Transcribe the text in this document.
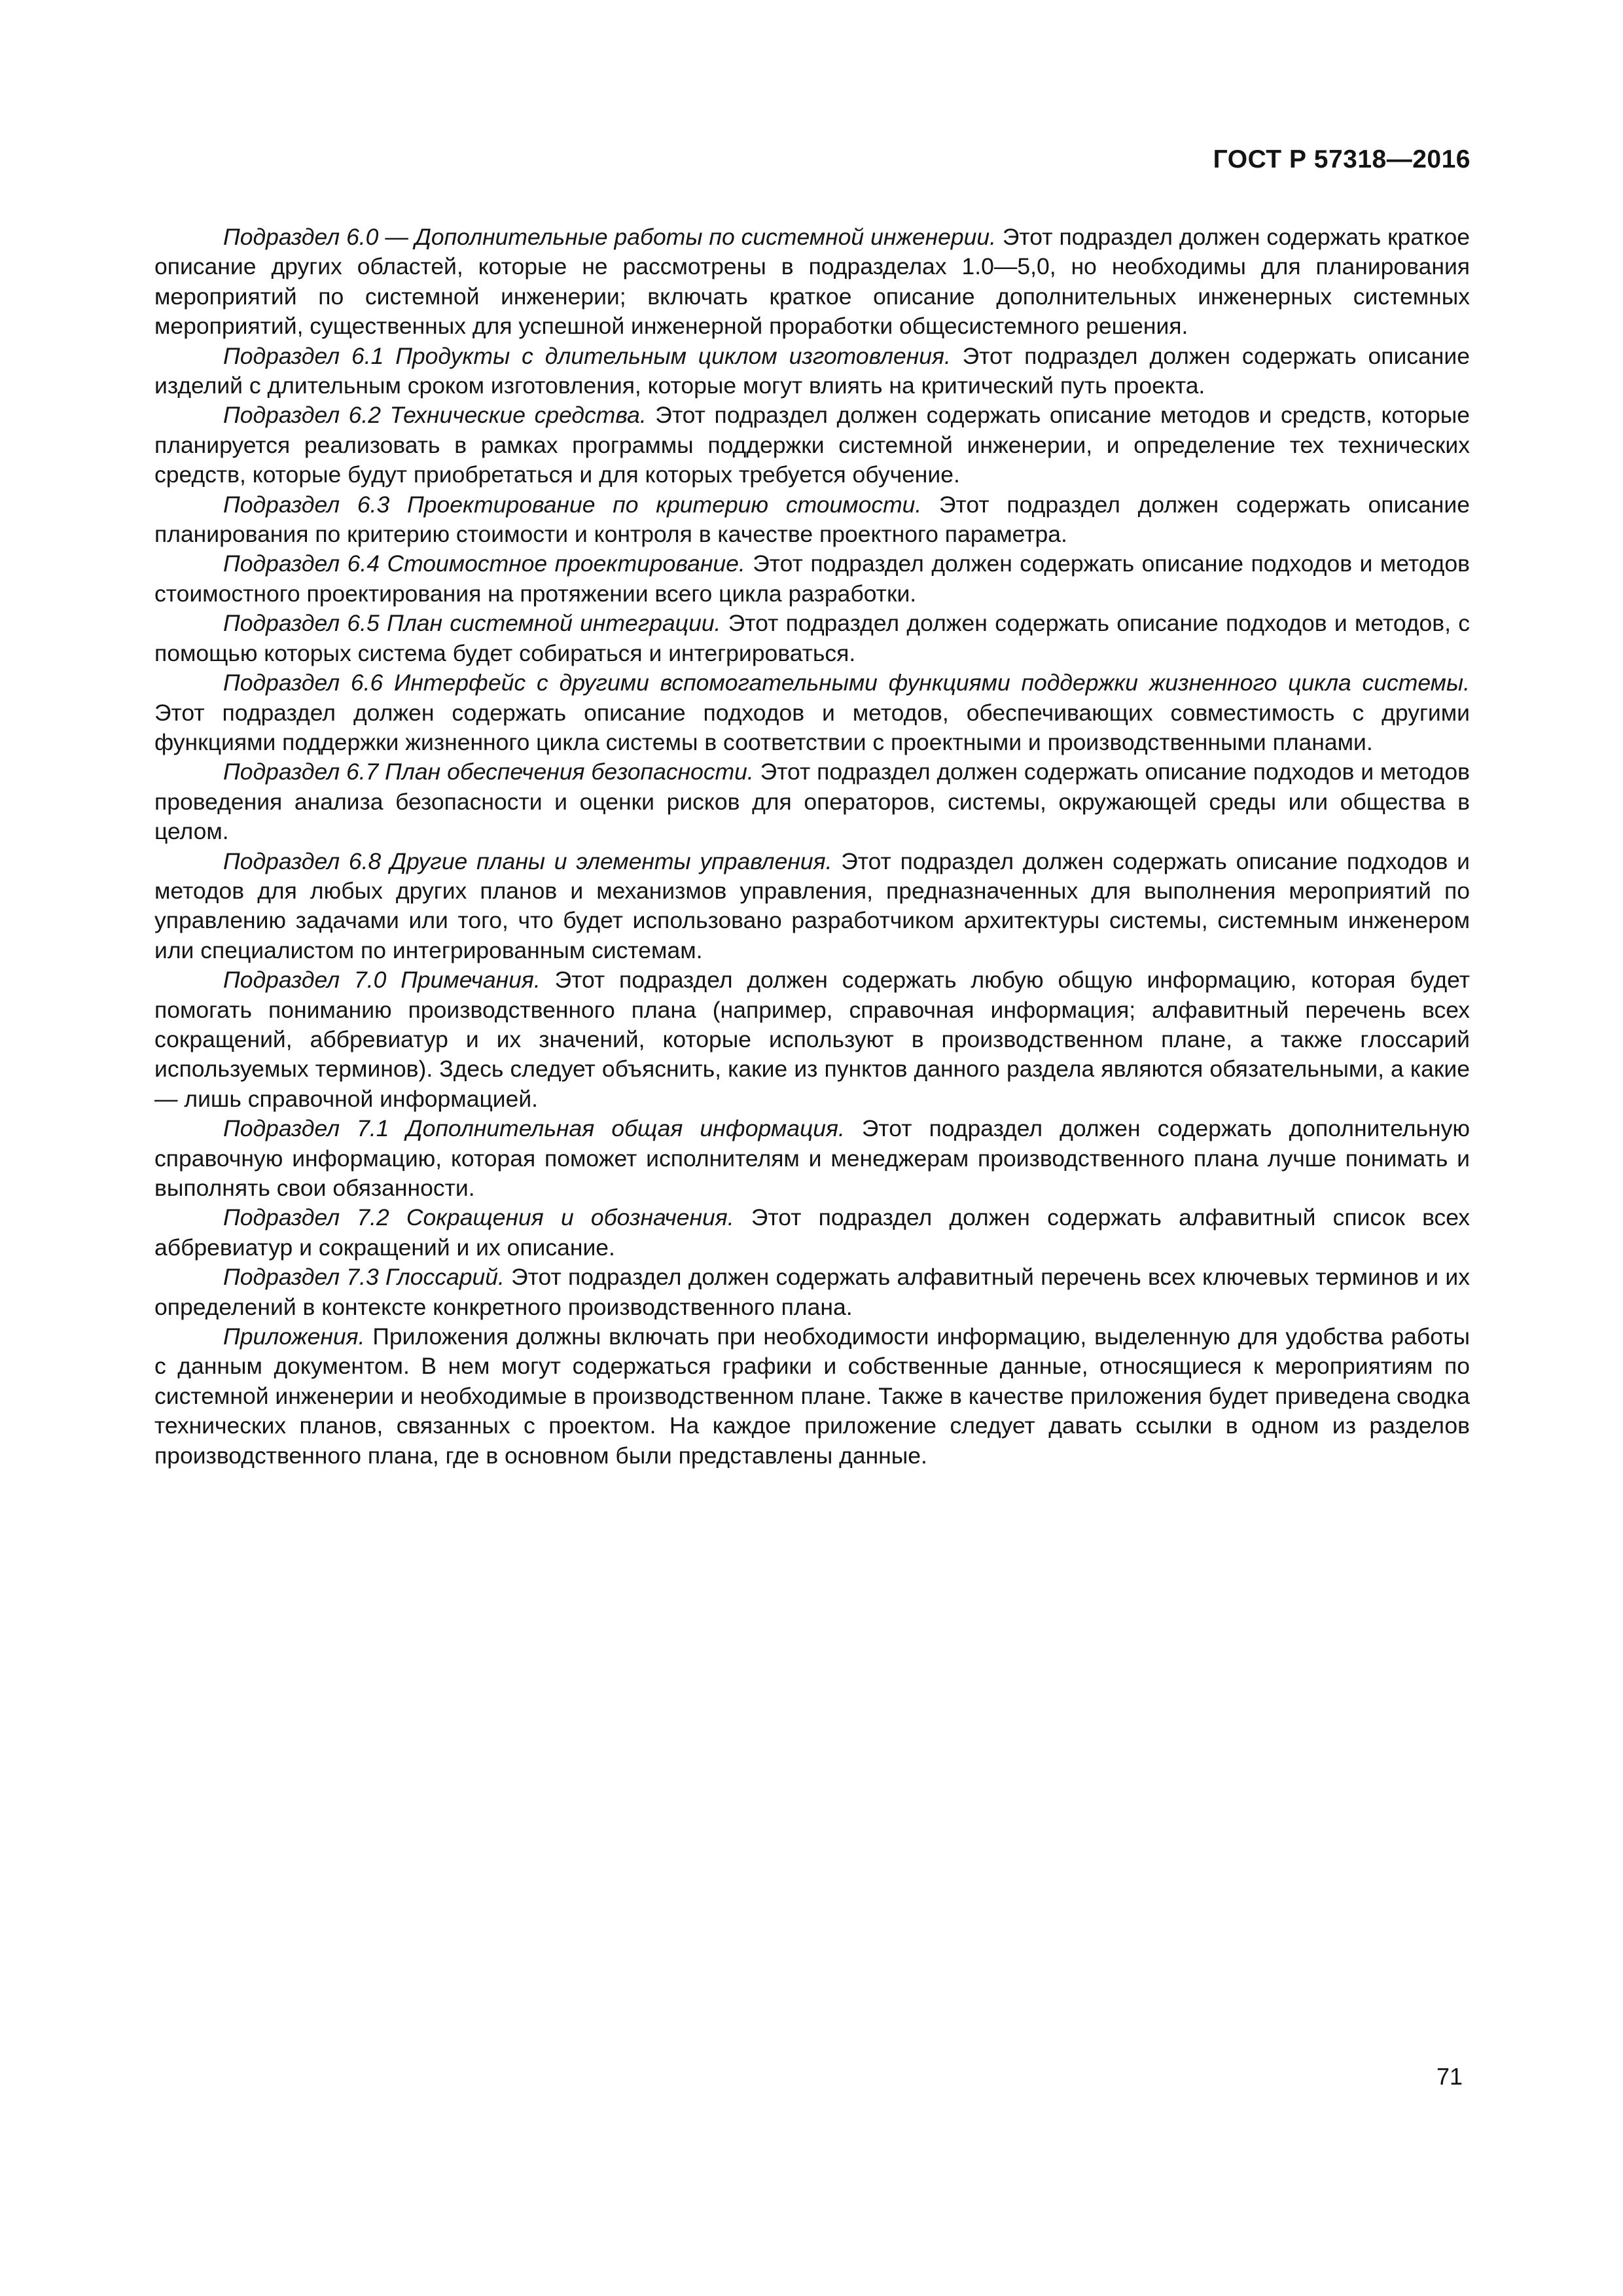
ГОСТ Р 57318—2016

Подраздел 6.0 — Дополнительные работы по системной инженерии. Этот подраздел должен содержать краткое описание других областей, которые не рассмотрены в подразделах 1.0—5,0, но необходимы для планирования мероприятий по системной инженерии; включать краткое описание дополнительных инженерных системных мероприятий, существенных для успешной инженерной проработки общесистемного решения.

Подраздел 6.1 Продукты с длительным циклом изготовления. Этот подраздел должен содержать описание изделий с длительным сроком изготовления, которые могут влиять на критический путь проекта.

Подраздел 6.2 Технические средства. Этот подраздел должен содержать описание методов и средств, которые планируется реализовать в рамках программы поддержки системной инженерии, и определение тех технических средств, которые будут приобретаться и для которых требуется обучение.

Подраздел 6.3 Проектирование по критерию стоимости. Этот подраздел должен содержать описание планирования по критерию стоимости и контроля в качестве проектного параметра.

Подраздел 6.4 Стоимостное проектирование. Этот подраздел должен содержать описание подходов и методов стоимостного проектирования на протяжении всего цикла разработки.

Подраздел 6.5 План системной интеграции. Этот подраздел должен содержать описание подходов и методов, с помощью которых система будет собираться и интегрироваться.

Подраздел 6.6 Интерфейс с другими вспомогательными функциями поддержки жизненного цикла системы. Этот подраздел должен содержать описание подходов и методов, обеспечивающих совместимость с другими функциями поддержки жизненного цикла системы в соответствии с проектными и производственными планами.

Подраздел 6.7 План обеспечения безопасности. Этот подраздел должен содержать описание подходов и методов проведения анализа безопасности и оценки рисков для операторов, системы, окружающей среды или общества в целом.

Подраздел 6.8 Другие планы и элементы управления. Этот подраздел должен содержать описание подходов и методов для любых других планов и механизмов управления, предназначенных для выполнения мероприятий по управлению задачами или того, что будет использовано разработчиком архитектуры системы, системным инженером или специалистом по интегрированным системам.

Подраздел 7.0 Примечания. Этот подраздел должен содержать любую общую информацию, которая будет помогать пониманию производственного плана (например, справочная информация; алфавитный перечень всех сокращений, аббревиатур и их значений, которые используют в производственном плане, а также глоссарий используемых терминов). Здесь следует объяснить, какие из пунктов данного раздела являются обязательными, а какие — лишь справочной информацией.

Подраздел 7.1 Дополнительная общая информация. Этот подраздел должен содержать дополнительную справочную информацию, которая поможет исполнителям и менеджерам производственного плана лучше понимать и выполнять свои обязанности.

Подраздел 7.2 Сокращения и обозначения. Этот подраздел должен содержать алфавитный список всех аббревиатур и сокращений и их описание.

Подраздел 7.3 Глоссарий. Этот подраздел должен содержать алфавитный перечень всех ключевых терминов и их определений в контексте конкретного производственного плана.

Приложения. Приложения должны включать при необходимости информацию, выделенную для удобства работы с данным документом. В нем могут содержаться графики и собственные данные, относящиеся к мероприятиям по системной инженерии и необходимые в производственном плане. Также в качестве приложения будет приведена сводка технических планов, связанных с проектом. На каждое приложение следует давать ссылки в одном из разделов производственного плана, где в основном были представлены данные.

71
